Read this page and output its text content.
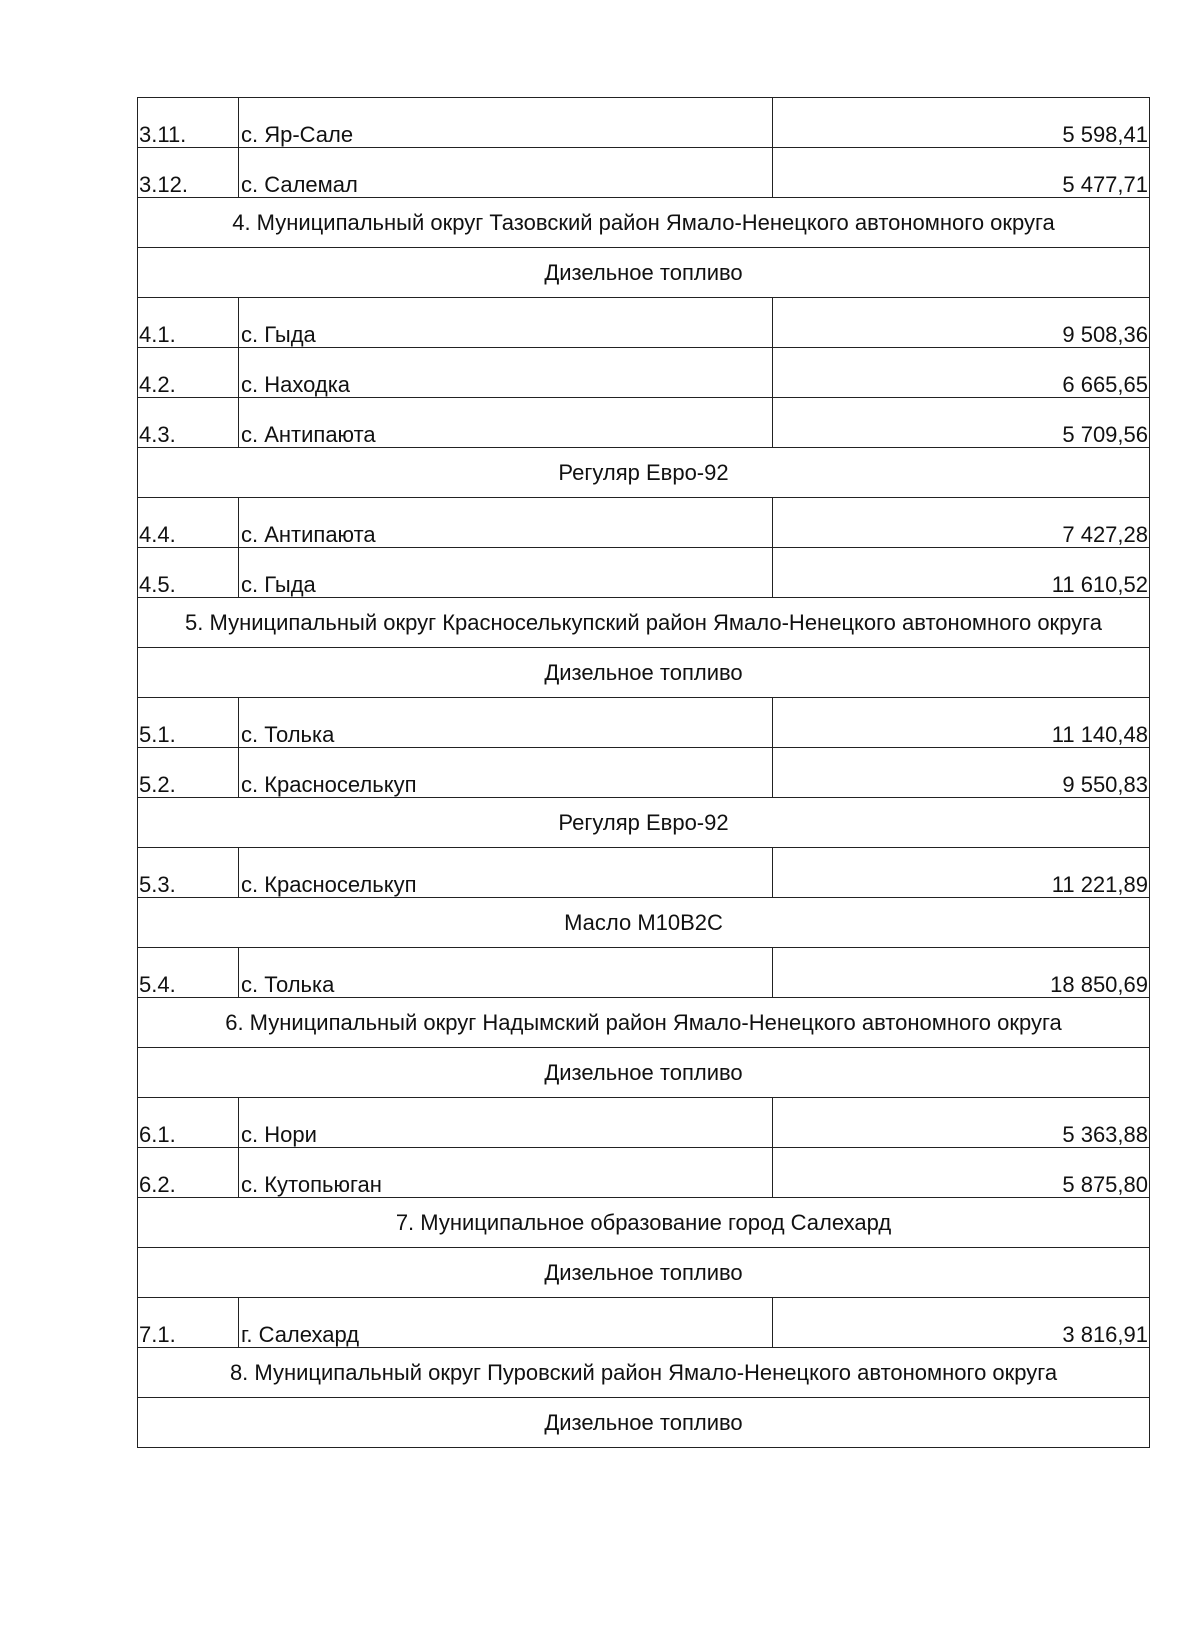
3.11.	с. Яр-Сале	5 598,41
3.12.	с. Салемал	5 477,71
4. Муниципальный округ Тазовский район Ямало-Ненецкого автономного округа		
Дизельное топливо		
4.1.	с. Гыда	9 508,36
4.2.	с. Находка	6 665,65
4.3.	с. Антипаюта	5 709,56
Регуляр Евро-92		
4.4.	с. Антипаюта	7 427,28
4.5.	с. Гыда	11 610,52
5. Муниципальный округ Красноселькупский район Ямало-Ненецкого автономного округа		
Дизельное топливо		
5.1.	с. Толька	11 140,48
5.2.	с. Красноселькуп	9 550,83
Регуляр Евро-92		
5.3.	с. Красноселькуп	11 221,89
Масло М10В2С		
5.4.	с. Толька	18 850,69
6. Муниципальный округ Надымский район Ямало-Ненецкого автономного округа		
Дизельное топливо		
6.1.	с. Нори	5 363,88
6.2.	с. Кутопьюган	5 875,80
7. Муниципальное образование город Салехард		
Дизельное топливо		
7.1.	г. Салехард	3 816,91
8. Муниципальный округ Пуровский район Ямало-Ненецкого автономного округа		
Дизельное топливо		
